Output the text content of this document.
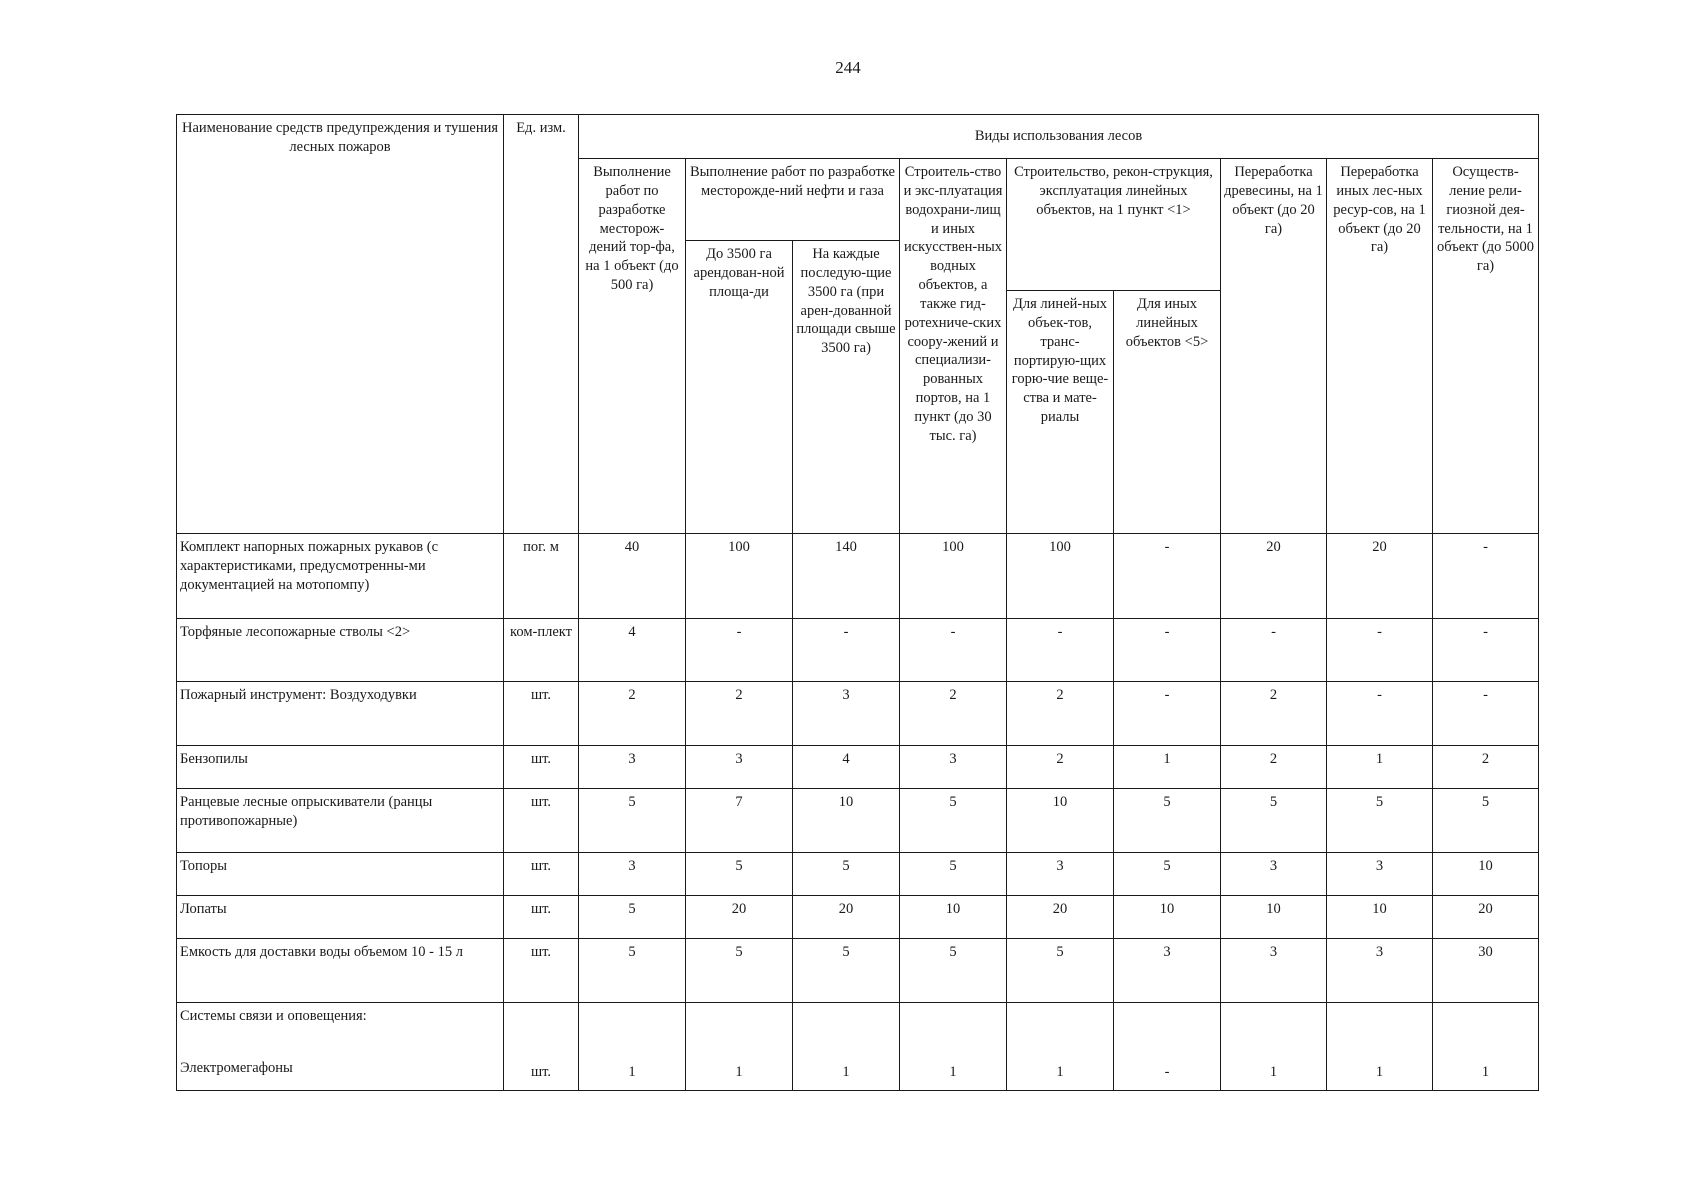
244
Наименование средств предупреждения и тушения лесных пожаров	Ед. изм.	Виды использования лесов								
		Выполнение работ по разработке месторож-дений тор-фа, на 1 объект (до 500 га)	Выполнение работ по разработке месторожде-ний нефти и газа		Строитель-ство и экс-плуатация водохрани-лищ и иных искусствен-ных водных объектов, а также гид-ротехниче-ских соору-жений и специализи-рованных портов, на 1 пункт (до 30 тыс. га)	Строительство, рекон-струкция, эксплуатация линейных объектов, на 1 пункт <1>		Переработка древесины, на 1 объект (до 20 га)	Переработка иных лес-ных ресур-сов, на 1 объект (до 20 га)	Осуществ-ление рели-гиозной дея-тельности, на 1 объект (до 5000 га)
			До 3500 га арендован-ной площа-ди	На каждые последую-щие 3500 га (при арен-дованной площади свыше 3500 га)						
						Для линей-ных объек-тов, транс-портирую-щих горю-чие веще-ства и мате-риалы	Для иных линейных объектов <5>			
Комплект напорных пожарных рукавов (с характеристиками, предусмотренны-ми документацией на мотопомпу)	пог. м	40	100	140	100	100	-	20	20	-
Торфяные лесопожарные стволы <2>	ком-плект	4	-	-	-	-	-	-	-	-
Пожарный инструмент: Воздуходувки	шт.	2	2	3	2	2	-	2	-	-
Бензопилы	шт.	3	3	4	3	2	1	2	1	2
Ранцевые лесные опрыскиватели (ранцы противопожарные)	шт.	5	7	10	5	10	5	5	5	5
Топоры	шт.	3	5	5	5	3	5	3	3	10
Лопаты	шт.	5	20	20	10	20	10	10	10	20
Емкость для доставки воды объемом 10 - 15 л	шт.	5	5	5	5	5	3	3	3	30

Системы связи и оповещения:
Электромегафоны	шт.	1	1	1	1	1	-	1	1	1
